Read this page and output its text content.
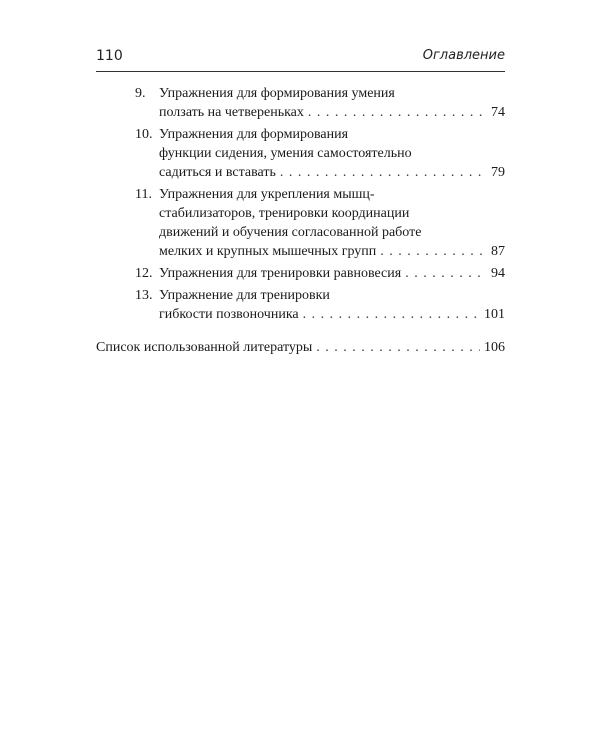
110	Оглавление
9. Упражнения для формирования умения
ползать на четвереньках . . .	74
10. Упражнения для формирования
функции сидения, умения самостоятельно
садиться и вставать . . .	79
11. Упражнения для укрепления мышц-
стабилизаторов, тренировки координации
движений и обучения согласованной работе
мелких и крупных мышечных групп . . .	87
12. Упражнения для тренировки равновесия . . .	94
13. Упражнение для тренировки
гибкости позвоночника . . .	101
Список использованной литературы . . .	106
